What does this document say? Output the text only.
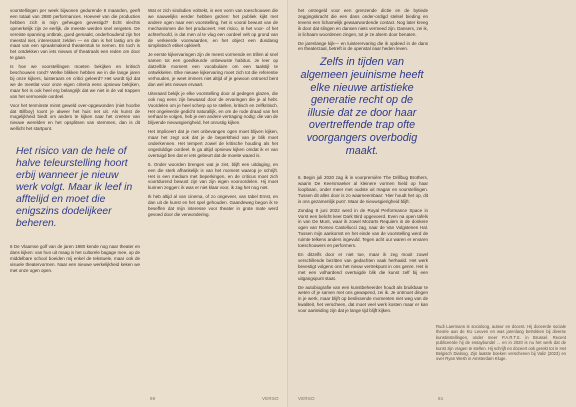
voorstellingen per week bijwonen gedurende 8 maanden, geeft een totaal van 2880 performances. Hoeveel van die producties hebben zich in mijn geheugen gevestigd? Echt slechts opmerkelijk zijn ze eerlijk, de meeste werden snel vergeten. De vereiste spanning ontbrak, goed gemaakt, onderhoudend zijn het meestal niet, interessant zelden — en dan is het lastig om de maat van een spraakmakend theaterstuk te nemen. En toch is het ontdekken van iets nieuws of theatraals een reden om door te gaan.

Is hoe we voorstellingen moeten bekijken en kritisch beschouwen rond? Welke blikken hebben we in die lange jaren bij onze kijkers, luisteraars en critici geleerd? Het wordt tijd dat we de meetlat voor onze eigen criteria eens opnieuw bekijken, maar het is ook heel erg belangrijk dat we niet in de val trappen van het vermoeide oordeel.

Voor het tenminste minst geweld over-opgewonden (niet hoorbe dat Billboy) toont je alweer het huis net uit. Als kunst de mogelijkheid biedt om anders te kijken naar het creëren van nieuwe werelden en het opsplitsen van stemmen, dan is dit wellicht het startpunt.

Het risico van de hele of halve teleurstelling hoort erbij wanneer je nieuw werk volgt. Maar ik leef in afftelijd en moet die enigszins dodelijkeer beheren.

6 De Vlaamse golf van de jaren 1980 kende nog naar theater en dans kijken: van hun uit maag is het culturele bagage mee, op de middelbare school boeiden mij enkel de tekstuele, maar ook de visuele theatervormen. Naar een nieuwe werkelijkheid keken we met onze ogen open.

Wat er zich sindsdien voltrekt, is een vorm van toeschouwen die we nauwelijks eerder hebben gezien: het publiek kijkt met andere ogen naar een voorstelling, het is vooral bewust van de mechanismen die het produceert. Het risico, in het voor- of het achterhoofd, is dat men al te vlug een oordeel velt op grond van de verkeerde voorwaarden, en het object een dusdanig simplistisch etiket opkleeft.

Je eerste kijkervaringen zijn de meest vormende en trillen al snel samen tot een goedkeurde onbewuste habitus. Je leer op datzelfde moment een vocabulaire om een taalstijl te ontwikkelen. Elke nieuwe kijkervaring moet zich tot die referentie verhouden, je weet immers niet altijd of je gewoon ontroerd bent dan wel iets nieuws ervaart.

Uiteraard bekijk je elke voorstelling door al gedegen glazen, die ook nog eens zijn bewaasd door de ervaringen die je al hebt. Voordelen om je heel scherp op te stellen, kritisch en zelfkritisch. Het ongeleerde gedicht naturallijk, en om de rode draad van het verhaal te volgen, heb je een andere vertraging nodig: die van de blijvende nieuwsgierigheid, het onrustig kijken.

Het impliceert dat je met onbevangen ogen moet blijven kijken, maar het zegt ook dat je de beperktheid van je blik moet onderkennen. Het tempert zowel de kritische houding als het ongeduldige oordeel. Ik ga altijd opnieuw kijken omdat ik er van overtuigd ben dat er iets gebeurt dat de moeite waard is.

5. Onder woorden brengen wat je ziet, blijft een uitdaging, en een die sterk afhankelijk is van het moment waarop je schrijft. Het is een medium met beperkingen, en de criticus moet zich voortdurend bewust zijn van zijn eigen vooroordelen. Hij moet kunnen zeggen: ik was er niet klaar voor, ik zag het nog niet.

Ik heb altijd al van cinema, of zo ongeveer, van tabel Ernst, en dan uit de kunst en het spel gehouden. Gaandeweg begon ik te beseffen dat mijn interesse voor theater in grote mate werd gevoed door die verwondering.

90	VERSO

het ontregeld voor een grenzende dictie en de bytiede zeggingskracht die een dans onder-ordigd stelsel bieding en tevens een lichamelijk gewaarwordende contact. Nog later kreeg ik door dat slingen en dansen niets vermeed zijn. Dansers, zei ik, is lichaam woordenen zingen, tot je ze alsem door benaten.

De jarenlange kijk— en luisterervaring die ik opdeed in de dans en theaterzaal, betreft is de openstal naar heden leven.

Zelfs in tijden van algemeen jeuinisme heeft elke nieuwe artistieke generatie recht op de illusie dat ze door haar overtreffende trap ofte voorgangers overbodig maakt.

6. Begin juli 2020 zag ik in voorpremière The Drillbug Brothers, waarin De Keersmaeker al kleinere vormen hield op haar loopbaan, onder meer met oudste uit magan en voorstellingen. Tussen dit alles door is zo waarneembaar: 'Hier houdt het op, dit is ons gezamenlijk punt'. Maar de nieuwsgierigheid blijft.

Zondag 8 juni 2022 werd in de Royal Performance Space in Vorst een belicht keer Dark Bird opgevoerd. Even na open tafels in van De Munt, waar ik zowel Mozarts Requiem in de donkere ogen van Romeo Castellucci zag, naar de Van Volgstenen Hal. Tussen mijn aankomst en het einde van de voorstelling werd de ruimte telkens anders ingevuld. Tegen acht uur waren er ervaren toeschouwers en performers.

En ditzelfs door er niet toe, maar ik zeg mooit zowel verschillende bezitten van gedachten vaak herhaald. Het werk bevestigt volgens ons het nieuw vertrekpunt in ons genre. Het is met een volhardend overtuigde blik die kunst zelf bij een uitgangspunt staat.

De autobiografie van een kunstbeheerder houdt als bruikbaar te weten of je samen met ons gewapend, zei ik. Je ontmoet dingen in je werk, maar blijft op beslissende momenten niet weg van de kwaliteit, het verscheen, dat moet veel werk kosten maar er kan voor aanleiding zijn dat je lange tijd blijft kijken.

Rudi Laermans is socioloog, auteur en docent. Hij doceerde sociale theorie aan de KU Leuven en was jarenlang betrokken bij diverse kunstinstellingen, onder meer P.A.R.T.S. in Brussel. Recent publiceerde hij de essaybundel ... en in 2020 is nu het werk dat de kunst zijn vragen te stellen. Hij schrijft en doceert ook gerekt tot in Het Belgisch Dialoog. Zijn laatste boeken verschenen bij Valiz (2023) en over Ryan Wesh in Amsterdam Kluge.
VERSO	91
